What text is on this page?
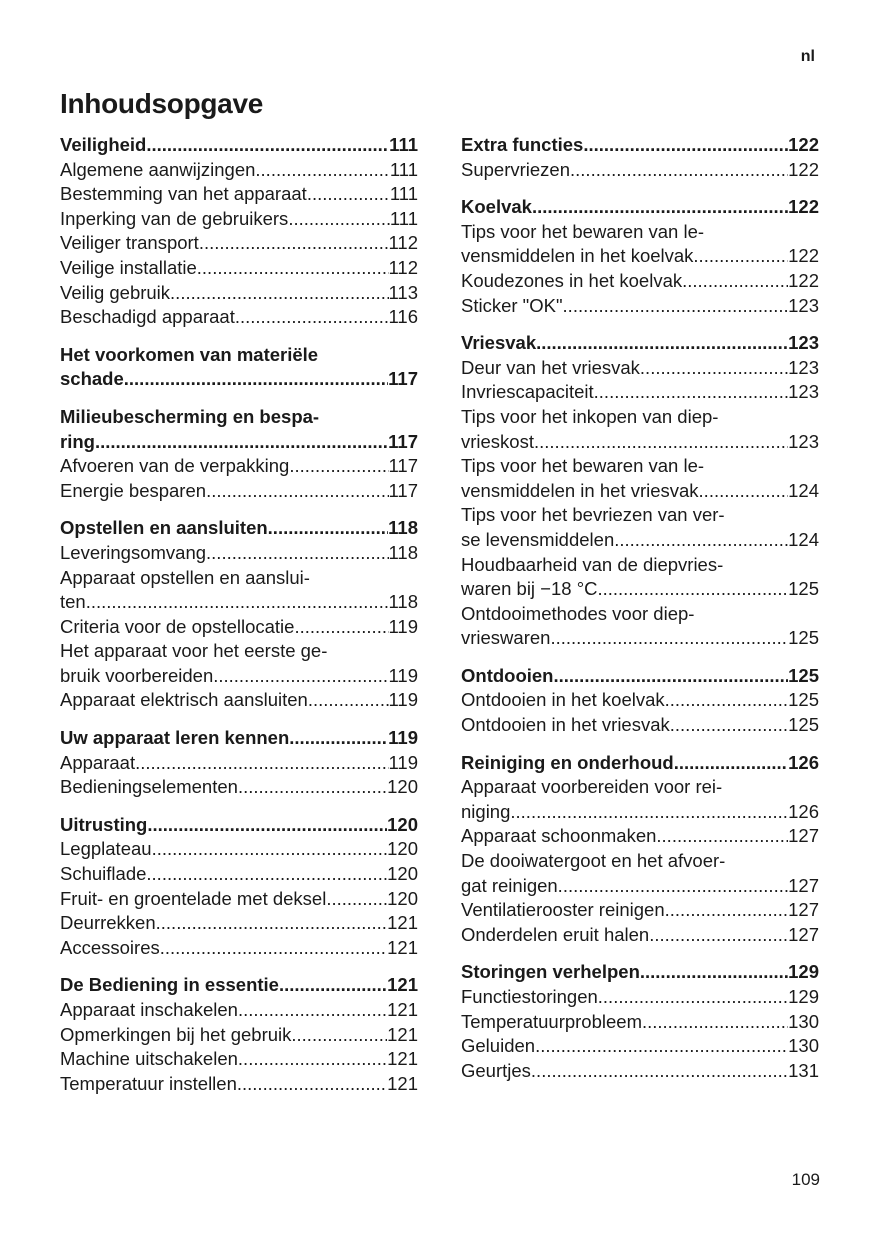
nl
Inhoudsopgave
Veiligheid .....	111
Algemene aanwijzingen .....	111
Bestemming van het apparaat .....	111
Inperking van de gebruikers .....	111
Veiliger transport .....	112
Veilige installatie .....	112
Veilig gebruik .....	113
Beschadigd apparaat .....	116
Het voorkomen van materiële
schade .....	117
Milieubescherming en bespa-
ring .....	117
Afvoeren van de verpakking .....	117
Energie besparen .....	117
Opstellen en aansluiten .....	118
Leveringsomvang .....	118
Apparaat opstellen en aanslui-
ten .....	118
Criteria voor de opstellocatie .....	119
Het apparaat voor het eerste ge-
bruik voorbereiden .....	119
Apparaat elektrisch aansluiten .....	119
Uw apparaat leren kennen .....	119
Apparaat .....	119
Bedieningselementen .....	120
Uitrusting .....	120
Legplateau .....	120
Schuiflade .....	120
Fruit- en groentelade met deksel .....	120
Deurrekken .....	121
Accessoires .....	121
De Bediening in essentie .....	121
Apparaat inschakelen .....	121
Opmerkingen bij het gebruik .....	121
Machine uitschakelen .....	121
Temperatuur instellen .....	121
Extra functies .....	122
Supervriezen .....	122
Koelvak .....	122
Tips voor het bewaren van le-
vensmiddelen in het koelvak .....	122
Koudezones in het koelvak .....	122
Sticker "OK" .....	123
Vriesvak .....	123
Deur van het vriesvak .....	123
Invriescapaciteit .....	123
Tips voor het inkopen van diep-
vrieskost .....	123
Tips voor het bewaren van le-
vensmiddelen in het vriesvak .....	124
Tips voor het bevriezen van ver-
se levensmiddelen .....	124
Houdbaarheid van de diepvries-
waren bij −18 °C .....	125
Ontdooimethodes voor diep-
vrieswaren .....	125
Ontdooien .....	125
Ontdooien in het koelvak. .....	125
Ontdooien in het vriesvak .....	125
Reiniging en onderhoud .....	126
Apparaat voorbereiden voor rei-
niging .....	126
Apparaat schoonmaken .....	127
De dooiwatergoot en het afvoer-
gat reinigen. .....	127
Ventilatierooster reinigen .....	127
Onderdelen eruit halen .....	127
Storingen verhelpen .....	129
Functiestoringen .....	129
Temperatuurprobleem .....	130
Geluiden .....	130
Geurtjes .....	131
109
